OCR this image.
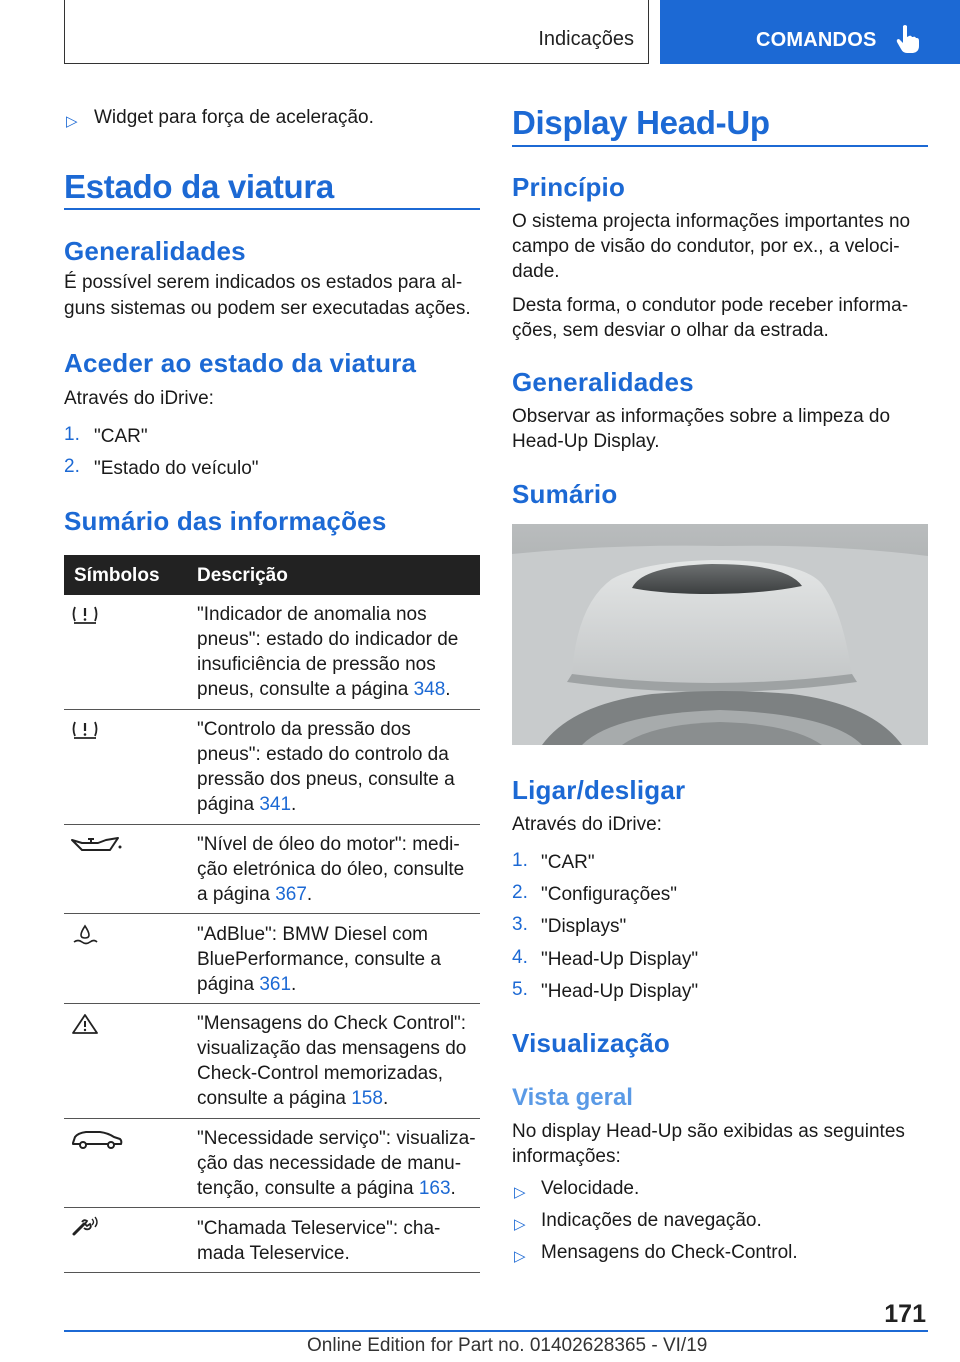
Indicações	COMANDOS
▷ Widget para força de aceleração.
Estado da viatura
Generalidades
É possível serem indicados os estados para al‐
guns sistemas ou podem ser executadas ações.
Aceder ao estado da viatura
Através do iDrive:
1. "CAR"
2. "Estado do veículo"
Sumário das informações
Símbolos Descrição
"Indicador de anomalia nos
pneus": estado do indicador de
insuficiência de pressão nos
pneus, consulte a página 348.
"Controlo da pressão dos
pneus": estado do controlo da
pressão dos pneus, consulte a
página 341.
"Nível de óleo do motor": medi‐
ção eletrónica do óleo, consulte
a página 367.
"AdBlue": BMW Diesel com
BluePerformance, consulte a
página 361.
"Mensagens do Check Control":
visualização das mensagens do
Check-Control memorizadas,
consulte a página 158.
"Necessidade serviço": visualiza‐
ção das necessidade de manu‐
tenção, consulte a página 163.
"Chamada Teleservice": cha‐
mada Teleservice.
Display Head-Up
Princípio
O sistema projecta informações importantes no
campo de visão do condutor, por ex., a veloci‐
dade.
Desta forma, o condutor pode receber informa‐
ções, sem desviar o olhar da estrada.
Generalidades
Observar as informações sobre a limpeza do
Head-Up Display.
Sumário
Ligar/desligar
Através do iDrive:
1. "CAR"
2. "Configurações"
3. "Displays"
4. "Head-Up Display"
5. "Head-Up Display"
Visualização
Vista geral
No display Head-Up são exibidas as seguintes
informações:
▷ Velocidade.
▷ Indicações de navegação.
▷ Mensagens do Check-Control.
171
Online Edition for Part no. 01402628365 - VI/19
